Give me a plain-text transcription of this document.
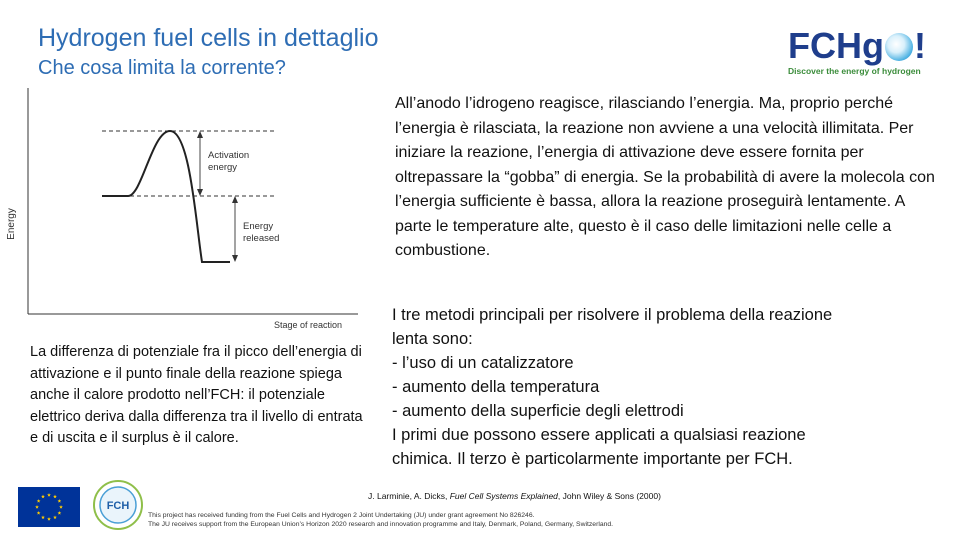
Hydrogen fuel cells in dettaglio
Che cosa limita la corrente?
FCHg !
Discover the energy of hydrogen
Energy
Stage of reaction
Activation energy
Energy released
La differenza di potenziale fra il picco dell’energia di attivazione e il punto finale della reazione spiega anche il calore prodotto nell’FCH: il potenziale elettrico deriva dalla differenza tra il livello di entrata e di uscita e il surplus è il calore.
All’anodo l’idrogeno reagisce, rilasciando l’energia. Ma, proprio perché l’energia è rilasciata, la reazione non avviene a una velocità illimitata. Per iniziare la reazione, l’energia di attivazione deve essere fornita per oltrepassare la “gobba” di energia. Se la probabilità di avere la molecola con l’energia sufficiente è bassa, allora la reazione proseguirà lentamente. A parte le temperature alte, questo è il caso delle limitazioni nelle celle a combustione.
I tre metodi principali per risolvere il problema della reazione
lenta sono:
- l’uso di un catalizzatore
- aumento della temperatura
- aumento della superficie degli elettrodi
I primi due possono essere applicati a qualsiasi reazione
chimica. Il terzo è particolarmente importante per FCH.
J. Larminie, A. Dicks, Fuel Cell Systems Explained, John Wiley & Sons (2000)
FCH
This project has received funding from the Fuel Cells and Hydrogen 2 Joint Undertaking (JU) under grant agreement No 826246.
The JU receives support from the European Union’s Horizon 2020 research and innovation programme and Italy, Denmark, Poland, Germany, Switzerland.
